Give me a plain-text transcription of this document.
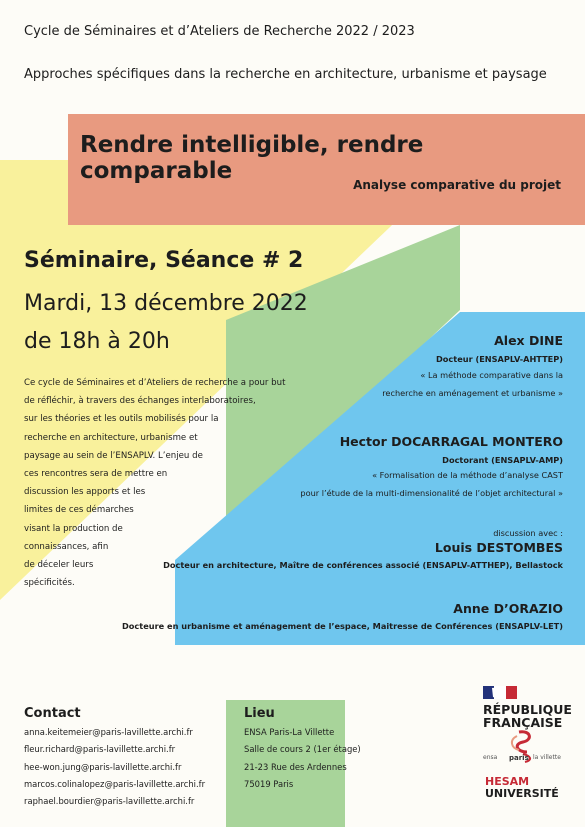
Cycle de Séminaires et d’Ateliers de Recherche 2022 / 2023
Approches spécifiques dans la recherche en architecture, urbanisme et paysage
Rendre intelligible, rendre comparable
Analyse comparative du projet
Séminaire, Séance # 2
Mardi, 13 décembre 2022
de 18h à 20h
Ce cycle de Séminaires et d’Ateliers de recherche a pour but
de réfléchir, à travers des échanges interlaboratoires,
sur les théories et les outils mobilisés pour la
recherche en architecture, urbanisme et
paysage au sein de l’ENSAPLV. L’enjeu de
ces rencontres sera de mettre en
discussion les apports et les
limites de ces démarches
visant la production de
connaissances, afin
de déceler leurs
spécificités.
Alex DINE
Docteur (ENSAPLV-AHTTEP)
« La méthode comparative dans la
recherche en aménagement et urbanisme »
Hector DOCARRAGAL MONTERO
Doctorant (ENSAPLV-AMP)
« Formalisation de la méthode d’analyse CAST
pour l’étude de la multi-dimensionalité de l’objet architectural »
discussion avec :
Louis DESTOMBES
Docteur en architecture, Maître de conférences associé (ENSAPLV-ATTHEP), Bellastock
Anne D’ORAZIO
Docteure en urbanisme et aménagement de l’espace, Maitresse de Conférences (ENSAPLV-LET)
Contact
anna.keitemeier@paris-lavillette.archi.fr
fleur.richard@paris-lavillette.archi.fr
hee-won.jung@paris-lavillette.archi.fr
marcos.colinalopez@paris-lavillette.archi.fr
raphael.bourdier@paris-lavillette.archi.fr
Lieu
ENSA Paris-La Villette
Salle de cours 2 (1er étage)
21-23 Rue des Ardennes
75019 Paris
RÉPUBLIQUE
FRANÇAISE
ensa paris la villette
HESAM
UNIVERSITÉ
